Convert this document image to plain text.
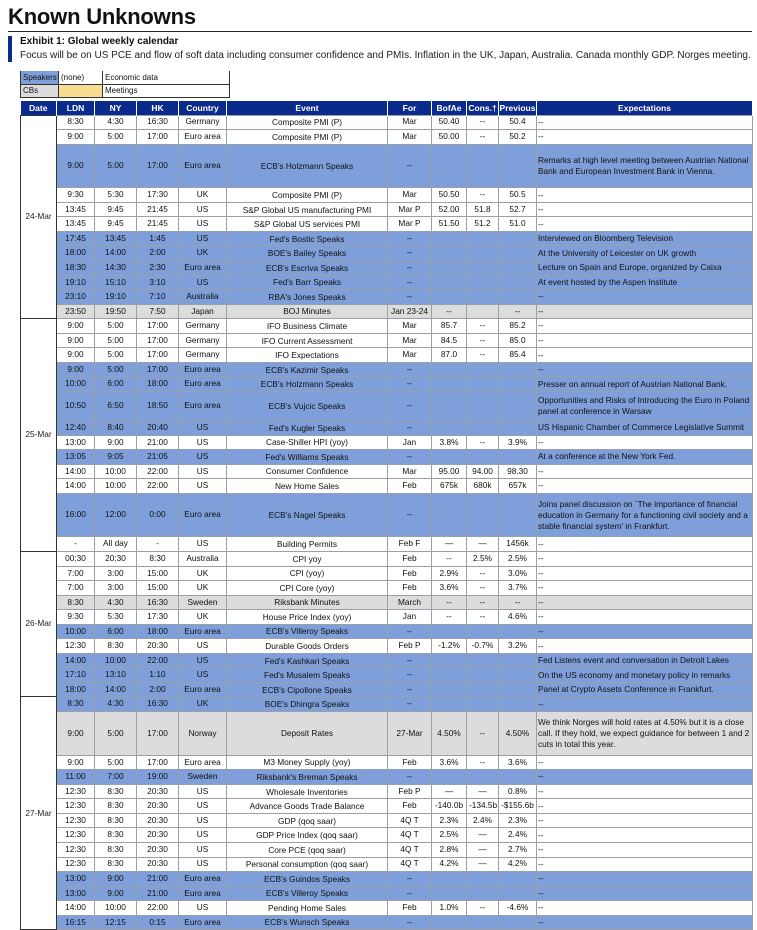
Known Unknowns
Exhibit 1: Global weekly calendar
Focus will be on US PCE and flow of soft data including consumer confidence and PMIs. Inflation in the UK, Japan, Australia. Canada monthly GDP. Norges meeting.
Speakers	(none)	Economic data
CBs		Meetings
Date	LDN	NY	HK	Country	Event	For	BofAe	Cons.†	Previous	Expectations
24-Mar	8:30	4:30	16:30	Germany	Composite PMI (P)	Mar	50.40	--	50.4	--
	9:00	5:00	17:00	Euro area	Composite PMI (P)	Mar	50.00	--	50.2	--
	9:00	5:00	17:00	Euro area	ECB's Holzmann Speaks	--				Remarks at high level meeting between Austrian National Bank and European Investment Bank in Vienna.
	9:30	5:30	17:30	UK	Composite PMI (P)	Mar	50.50	--	50.5	--
	13:45	9:45	21:45	US	S&P Global US manufacturing PMI	Mar P	52.00	51.8	52.7	--
	13:45	9:45	21:45	US	S&P Global US services PMI	Mar P	51.50	51.2	51.0	--
	17:45	13:45	1:45	US	Fed's Bostic Speaks	--				Interviewed on Bloomberg Television
	18:00	14:00	2:00	UK	BOE's Bailey Speaks	--				At the University of Leicester on UK growth
	18:30	14:30	2:30	Euro area	ECB's Escriva Speaks	--				Lecture on Spain and Europe, organized by Caixa
	19:10	15:10	3:10	US	Fed's Barr Speaks	--				At event hosted by the Aspen Institute
	23:10	19:10	7:10	Australia	RBA's Jones Speaks	--				--
	23:50	19:50	7:50	Japan	BOJ Minutes	Jan 23-24	--		--	--
25-Mar	9:00	5:00	17:00	Germany	IFO Business Climate	Mar	85.7	--	85.2	--
	9:00	5:00	17:00	Germany	IFO Current Assessment	Mar	84.5	--	85.0	--
	9:00	5:00	17:00	Germany	IFO Expectations	Mar	87.0	--	85.4	--
	9:00	5:00	17:00	Euro area	ECB's Kazimir Speaks	--				--
	10:00	6:00	18:00	Euro area	ECB's Holzmann Speaks	--				Presser on annual report of Austrian National Bank.
	10:50	6:50	18:50	Euro area	ECB's Vujcic Speaks	--				Opportunities and Risks of Introducing the Euro in Poland panel at conference in Warsaw
	12:40	8:40	20:40	US	Fed's Kugler Speaks	--				US Hispanic Chamber of Commerce Legislative Summit
	13:00	9:00	21:00	US	Case-Shiller HPI (yoy)	Jan	3.8%	--	3.9%	--
	13:05	9:05	21:05	US	Fed's Williams Speaks	--				At a conference at the New York Fed.
	14:00	10:00	22:00	US	Consumer Confidence	Mar	95.00	94.00	98.30	--
	14:00	10:00	22:00	US	New Home Sales	Feb	675k	680k	657k	--
	16:00	12:00	0:00	Euro area	ECB's Nagel Speaks	--				Joins panel discussion on `The importance of financial education in Germany for a functioning civil society and a stable financial system' in Frankfurt.
	-	All day	-	US	Building Permits	Feb F	—	—	1456k	--
26-Mar	00:30	20:30	8:30	Australia	CPI yoy	Feb	--	2.5%	2.5%	--
	7:00	3:00	15:00	UK	CPI (yoy)	Feb	2.9%	--	3.0%	--
	7:00	3:00	15:00	UK	CPI Core (yoy)	Feb	3.6%	--	3.7%	--
	8:30	4:30	16:30	Sweden	Riksbank Minutes	March	--	--	--	--
	9:30	5:30	17:30	UK	House Price Index (yoy)	Jan	--	--	4.6%	--
	10:00	6:00	18:00	Euro area	ECB's Villeroy Speaks	--				--
	12:30	8:30	20:30	US	Durable Goods Orders	Feb P	-1.2%	-0.7%	3.2%	--
	14:00	10:00	22:00	US	Fed's Kashkari Speaks	--				Fed Listens event and conversation in Detroit Lakes
	17:10	13:10	1:10	US	Fed's Musalem Speaks	--				On the US economy and monetary policy in remarks
	18:00	14:00	2:00	Euro area	ECB's Cipollone Speaks	--				Panel at Crypto Assets Conference in Frankfurt.
27-Mar	8:30	4:30	16:30	UK	BOE's Dhingra Speaks	--				--
	9:00	5:00	17:00	Norway	Deposit Rates	27-Mar	4.50%	--	4.50%	We think Norges will hold rates at 4.50% but it is a close call. If they hold, we expect guidance for between 1 and 2 cuts in total this year.
	9:00	5:00	17:00	Euro area	M3 Money Supply (yoy)	Feb	3.6%	--	3.6%	--
	11:00	7:00	19:00	Sweden	Riksbank's Breman Speaks	--				--
	12:30	8:30	20:30	US	Wholesale Inventories	Feb P	—	—	0.8%	--
	12:30	8:30	20:30	US	Advance Goods Trade Balance	Feb	-140.0b	-134.5b	-$155.6b	--
	12:30	8:30	20:30	US	GDP (qoq saar)	4Q T	2.3%	2.4%	2.3%	--
	12:30	8:30	20:30	US	GDP Price Index (qoq saar)	4Q T	2.5%	—	2.4%	--
	12:30	8:30	20:30	US	Core PCE (qoq saar)	4Q T	2.8%	—	2.7%	--
	12:30	8:30	20:30	US	Personal consumption (qoq saar)	4Q T	4.2%	—	4.2%	--
	13:00	9:00	21:00	Euro area	ECB's Guindos Speaks	--				--
	13:00	9:00	21:00	Euro area	ECB's Villeroy Speaks	--				--
	14:00	10:00	22:00	US	Pending Home Sales	Feb	1.0%	--	-4.6%	--
	16:15	12:15	0:15	Euro area	ECB's Wunsch Speaks	--				--
